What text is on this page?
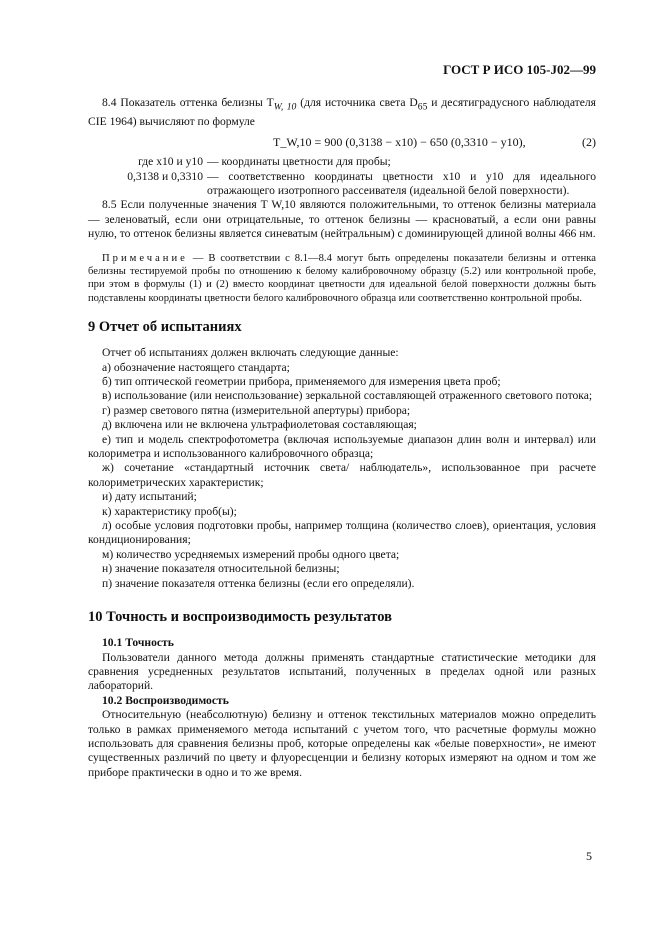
ГОСТ Р ИСО 105-J02—99

8.4 Показатель оттенка белизны $T_{W, 10}$ (для источника света $D_{65}$ и десятиградусного наблюдателя CIE 1964) вычисляют по формуле

T_W,10 = 900 (0,3138 − x10) − 650 (0,3310 − y10),	(2)
где x10 и y10 — координаты цветности для пробы;
0,3138 и 0,3310 — соответственно координаты цветности x10 и y10 для идеального отражающего изотропного рассеивателя (идеальной белой поверхности).

8.5 Если полученные значения T W,10 являются положительными, то оттенок белизны материала — зеленоватый, если они отрицательные, то оттенок белизны — красноватый, а если они равны нулю, то оттенок белизны является синеватым (нейтральным) с доминирующей длиной волны 466 нм.

Примечание — В соответствии с 8.1—8.4 могут быть определены показатели белизны и оттенка белизны тестируемой пробы по отношению к белому калибровочному образцу (5.2) или контрольной пробе, при этом в формулы (1) и (2) вместо координат цветности для идеальной белой поверхности должны быть подставлены координаты цветности белого калибровочного образца или соответственно контрольной пробы.

9 Отчет об испытаниях

Отчет об испытаниях должен включать следующие данные:

а) обозначение настоящего стандарта;

б) тип оптической геометрии прибора, применяемого для измерения цвета проб;

в) использование (или неиспользование) зеркальной составляющей отраженного светового потока;

г) размер светового пятна (измерительной апертуры) прибора;

д) включена или не включена ультрафиолетовая составляющая;

е) тип и модель спектрофотометра (включая используемые диапазон длин волн и интервал) или колориметра и использованного калибровочного образца;

ж) сочетание «стандартный источник света/ наблюдатель», использованное при расчете колориметрических характеристик;

и) дату испытаний;

к) характеристику проб(ы);

л) особые условия подготовки пробы, например толщина (количество слоев), ориентация, условия кондиционирования;

м) количество усредняемых измерений пробы одного цвета;

н) значение показателя относительной белизны;

п) значение показателя оттенка белизны (если его определяли).

10 Точность и воспроизводимость результатов

10.1 Точность

Пользователи данного метода должны применять стандартные статистические методики для сравнения усредненных результатов испытаний, полученных в пределах одной или разных лабораторий.

10.2 Воспроизводимость

Относительную (неабсолютную) белизну и оттенок текстильных материалов можно определить только в рамках применяемого метода испытаний с учетом того, что расчетные формулы можно использовать для сравнения белизны проб, которые определены как «белые поверхности», не имеют существенных различий по цвету и флуоресценции и белизну которых измеряют на одном и том же приборе практически в одно и то же время.

5
